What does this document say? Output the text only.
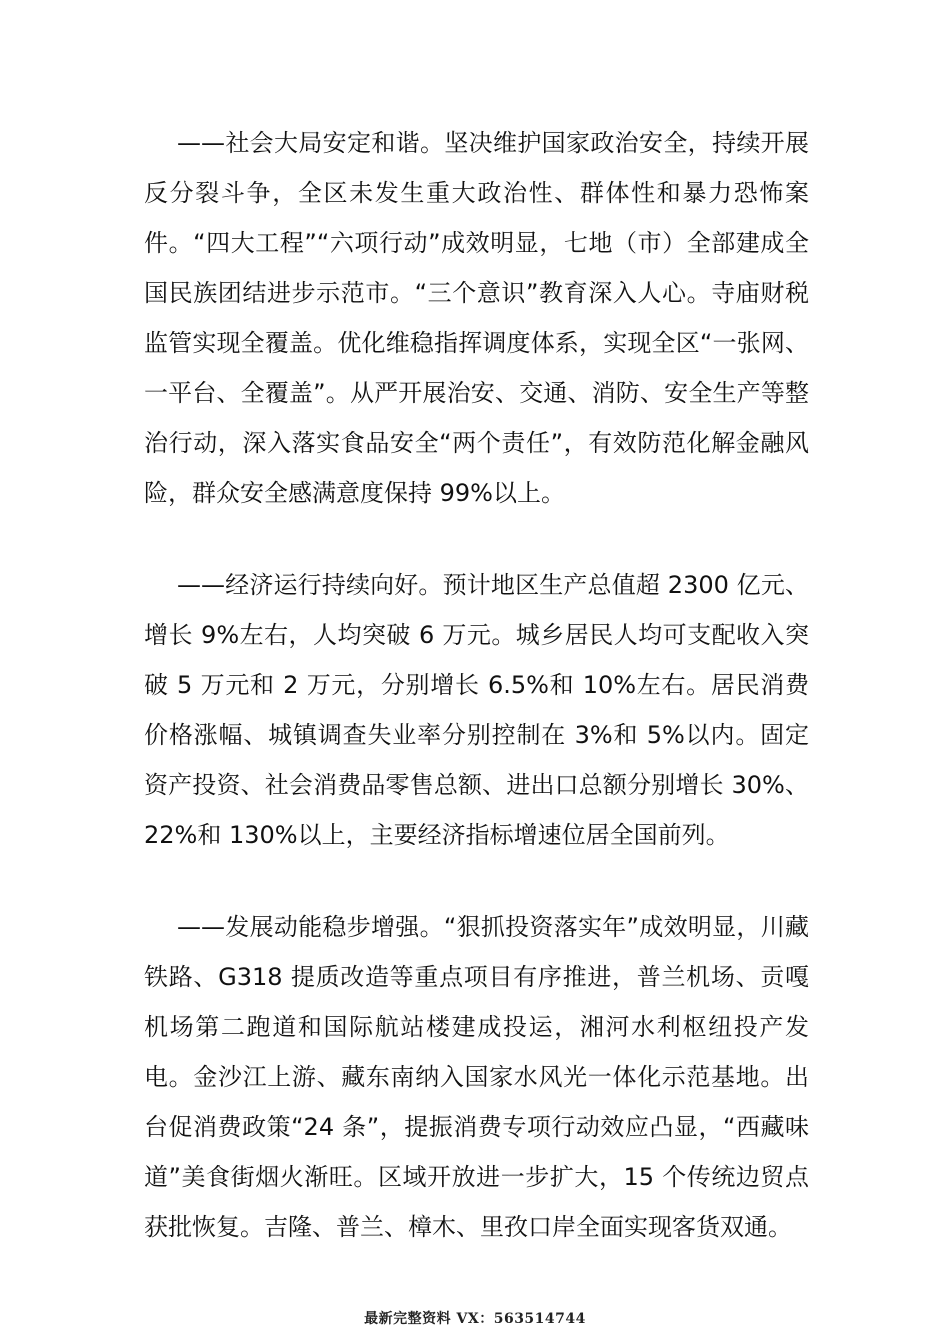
——社会大局安定和谐。坚决维护国家政治安全，持续开展反分裂斗争，全区未发生重大政治性、群体性和暴力恐怖案件。“四大工程”“六项行动”成效明显，七地（市）全部建成全国民族团结进步示范市。“三个意识”教育深入人心。寺庙财税监管实现全覆盖。优化维稳指挥调度体系，实现全区“一张网、一平台、全覆盖”。从严开展治安、交通、消防、安全生产等整治行动，深入落实食品安全“两个责任”，有效防范化解金融风险，群众安全感满意度保持 99%以上。

——经济运行持续向好。预计地区生产总值超 2300 亿元、增长 9%左右，人均突破 6 万元。城乡居民人均可支配收入突破 5 万元和 2 万元，分别增长 6.5%和 10%左右。居民消费价格涨幅、城镇调查失业率分别控制在 3%和 5%以内。固定资产投资、社会消费品零售总额、进出口总额分别增长 30%、22%和 130%以上，主要经济指标增速位居全国前列。

——发展动能稳步增强。“狠抓投资落实年”成效明显，川藏铁路、G318 提质改造等重点项目有序推进，普兰机场、贡嘎机场第二跑道和国际航站楼建成投运，湘河水利枢纽投产发电。金沙江上游、藏东南纳入国家水风光一体化示范基地。出台促消费政策“24 条”，提振消费专项行动效应凸显，“西藏味道”美食街烟火渐旺。区域开放进一步扩大，15 个传统边贸点获批恢复。吉隆、普兰、樟木、里孜口岸全面实现客货双通。

最新完整资料 VX：563514744
